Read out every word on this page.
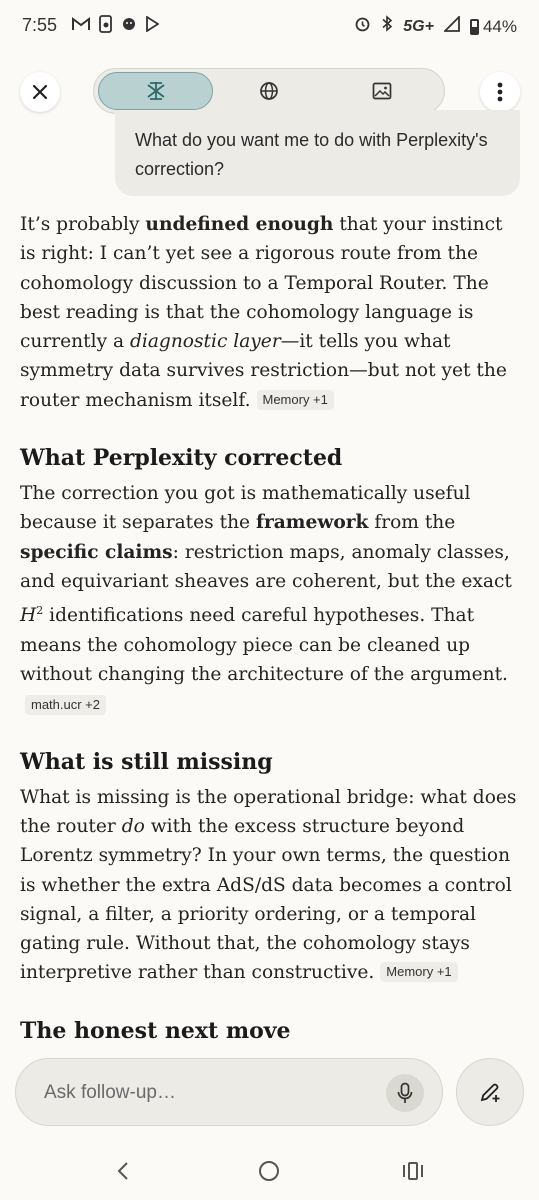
7:55	5G+	44%
What do you want me to do with Perplexity's correction?

It’s probably undefined enough that your instinct is right: I can’t yet see a rigorous route from the cohomology discussion to a Temporal Router. The best reading is that the cohomology language is currently a diagnostic layer—it tells you what symmetry data survives restriction—but not yet the router mechanism itself. Memory +1

What Perplexity corrected

The correction you got is mathematically useful because it separates the framework from the specific claims: restriction maps, anomaly classes, and equivariant sheaves are coherent, but the exact $H^2$ identifications need careful hypotheses. That means the cohomology piece can be cleaned up without changing the architecture of the argument.
math.ucr +2

What is still missing

What is missing is the operational bridge: what does the router do with the excess structure beyond Lorentz symmetry? In your own terms, the question is whether the extra AdS/dS data becomes a control signal, a filter, a priority ordering, or a temporal gating rule. Without that, the cohomology stays interpretive rather than constructive. Memory +1

The honest next move
Ask follow-up…
